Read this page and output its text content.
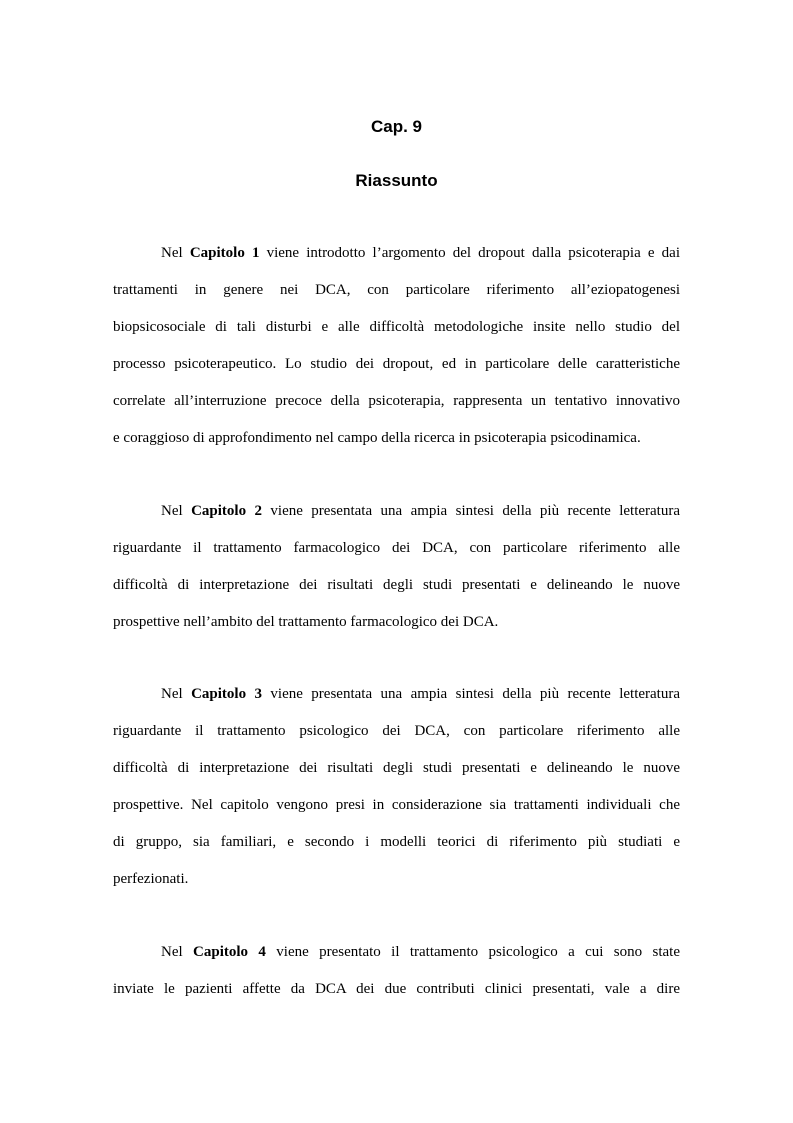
Cap. 9
Riassunto
Nel Capitolo 1 viene introdotto l’argomento del dropout dalla psicoterapia e dai
trattamenti in genere nei DCA, con particolare riferimento all’eziopatogenesi
biopsicosociale di tali disturbi e alle difficoltà metodologiche insite nello studio del
processo psicoterapeutico. Lo studio dei dropout, ed in particolare delle caratteristiche
correlate all’interruzione precoce della psicoterapia, rappresenta un tentativo innovativo
e coraggioso di approfondimento nel campo della ricerca in psicoterapia psicodinamica.
Nel Capitolo 2 viene presentata una ampia sintesi della più recente letteratura
riguardante il trattamento farmacologico dei DCA, con particolare riferimento alle
difficoltà di interpretazione dei risultati degli studi presentati e delineando le nuove
prospettive nell’ambito del trattamento farmacologico dei DCA.
Nel Capitolo 3 viene presentata una ampia sintesi della più recente letteratura
riguardante il trattamento psicologico dei DCA, con particolare riferimento alle
difficoltà di interpretazione dei risultati degli studi presentati e delineando le nuove
prospettive. Nel capitolo vengono presi in considerazione sia trattamenti individuali che
di gruppo, sia familiari, e secondo i modelli teorici di riferimento più studiati e
perfezionati.
Nel Capitolo 4 viene presentato il trattamento psicologico a cui sono state
inviate le pazienti affette da DCA dei due contributi clinici presentati, vale a dire
